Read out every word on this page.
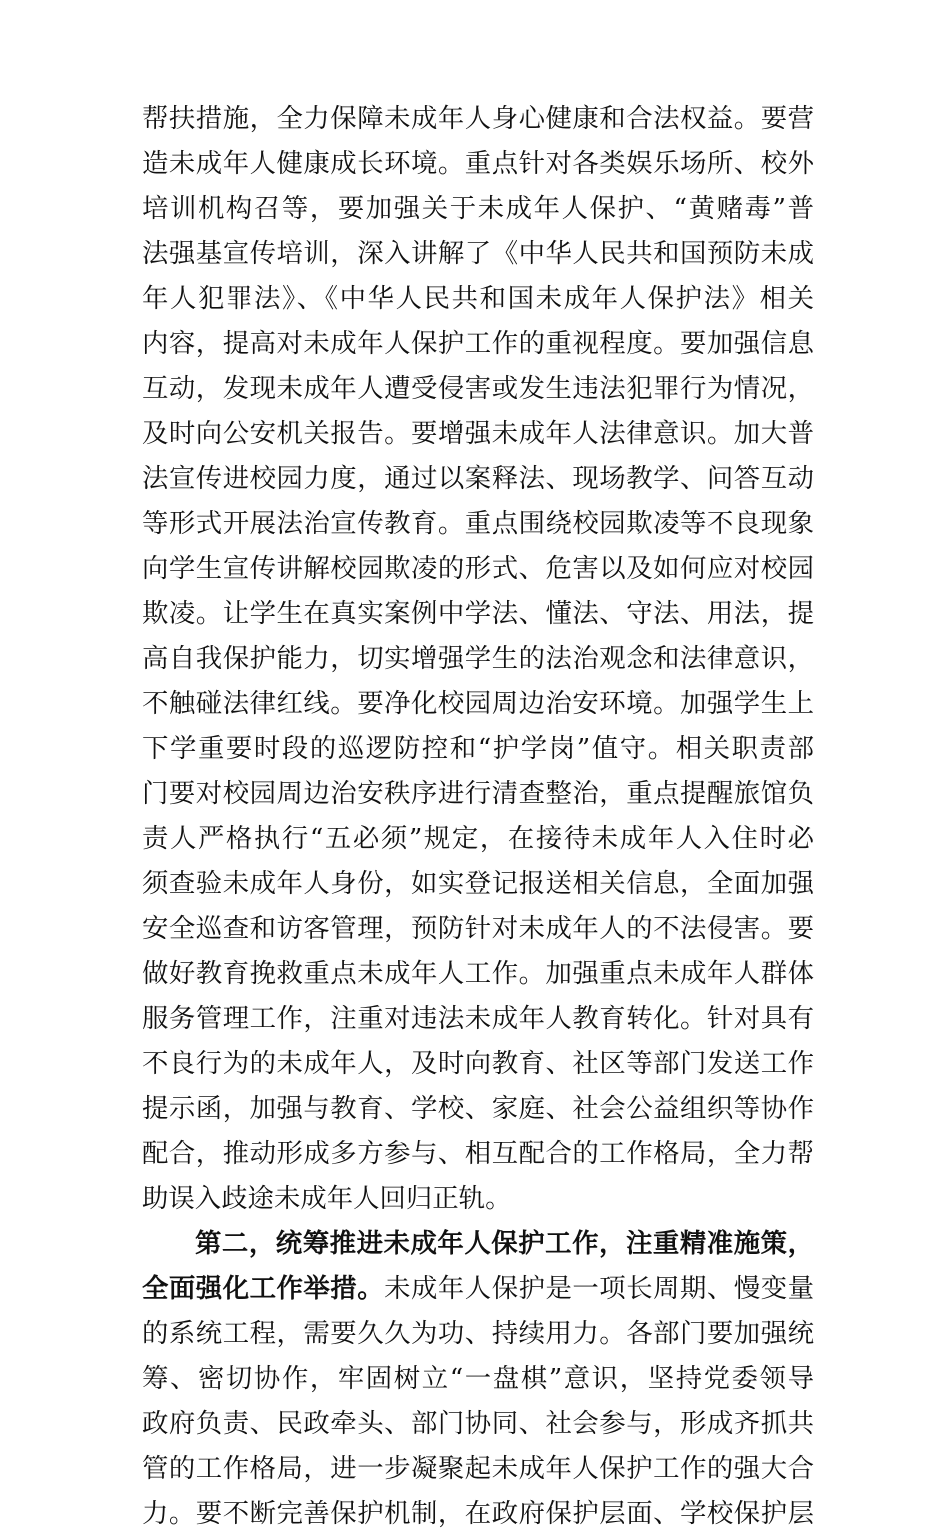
帮扶措施，全力保障未成年人身心健康和合法权益。要营
造未成年人健康成长环境。重点针对各类娱乐场所、校外
培训机构召等，要加强关于未成年人保护、“黄赌毒”普
法强基宣传培训，深入讲解了《中华人民共和国预防未成
年人犯罪法》、《中华人民共和国未成年人保护法》相关
内容，提高对未成年人保护工作的重视程度。要加强信息
互动，发现未成年人遭受侵害或发生违法犯罪行为情况，
及时向公安机关报告。要增强未成年人法律意识。加大普
法宣传进校园力度，通过以案释法、现场教学、问答互动
等形式开展法治宣传教育。重点围绕校园欺凌等不良现象
向学生宣传讲解校园欺凌的形式、危害以及如何应对校园
欺凌。让学生在真实案例中学法、懂法、守法、用法，提
高自我保护能力，切实增强学生的法治观念和法律意识，
不触碰法律红线。要净化校园周边治安环境。加强学生上
下学重要时段的巡逻防控和“护学岗”值守。相关职责部
门要对校园周边治安秩序进行清查整治，重点提醒旅馆负
责人严格执行“五必须”规定，在接待未成年人入住时必
须查验未成年人身份，如实登记报送相关信息，全面加强
安全巡查和访客管理，预防针对未成年人的不法侵害。要
做好教育挽救重点未成年人工作。加强重点未成年人群体
服务管理工作，注重对违法未成年人教育转化。针对具有
不良行为的未成年人，及时向教育、社区等部门发送工作
提示函，加强与教育、学校、家庭、社会公益组织等协作
配合，推动形成多方参与、相互配合的工作格局，全力帮
助误入歧途未成年人回归正轨。
第二，统筹推进未成年人保护工作，注重精准施策，
全面强化工作举措。未成年人保护是一项长周期、慢变量
的系统工程，需要久久为功、持续用力。各部门要加强统
筹、密切协作，牢固树立“一盘棋”意识，坚持党委领导
政府负责、民政牵头、部门协同、社会参与，形成齐抓共
管的工作格局，进一步凝聚起未成年人保护工作的强大合
力。要不断完善保护机制，在政府保护层面、学校保护层
